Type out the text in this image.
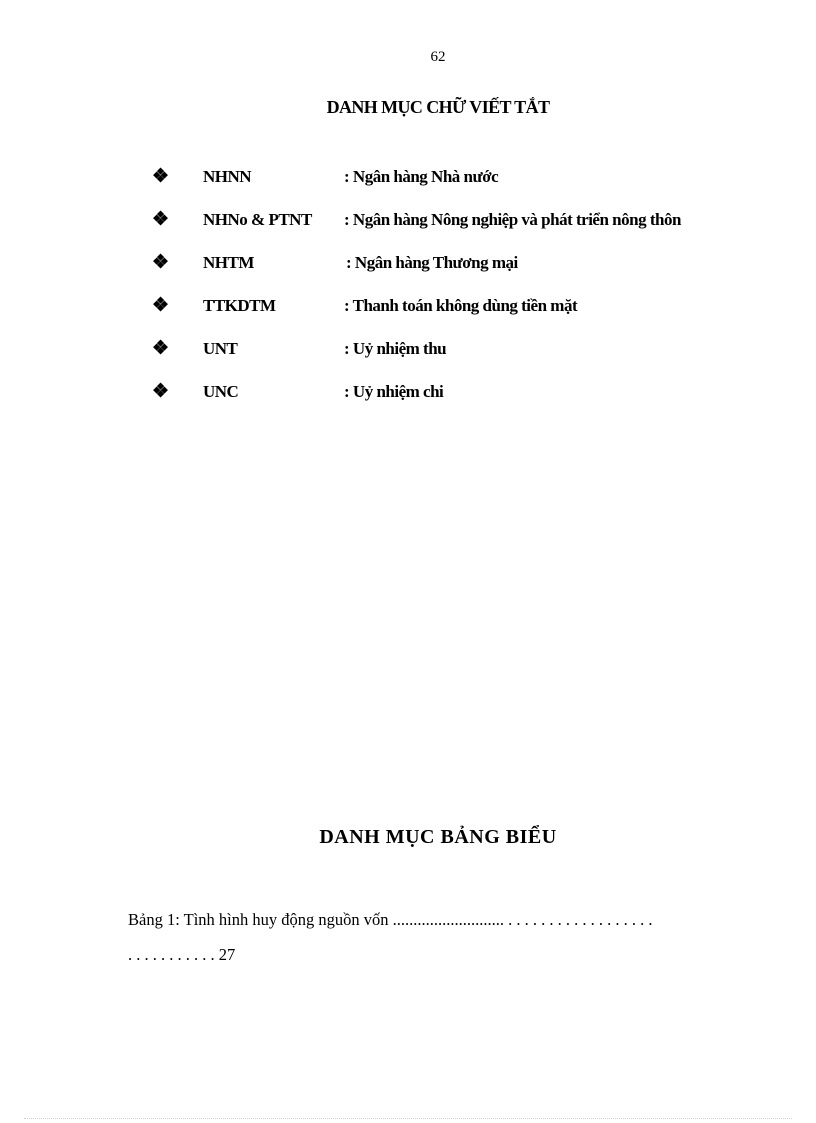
62
DANH MỤC CHỮ VIẾT TẮT
❖ NHNN	: Ngân hàng Nhà nước
❖ NHNo & PTNT : Ngân hàng Nông nghiệp và phát triển nông thôn
❖ NHTM	: Ngân hàng Thương mại
❖ TTKDTM	: Thanh toán không dùng tiền mặt
❖ UNT	: Uỷ nhiệm thu
❖ UNC	: Uỷ nhiệm chi
DANH MỤC BẢNG BIỂU
Bảng 1: Tình hình huy động nguồn vốn ........................... . . . . . . . . . . . . . . . . . .
. . . . . . . . . . . 27
